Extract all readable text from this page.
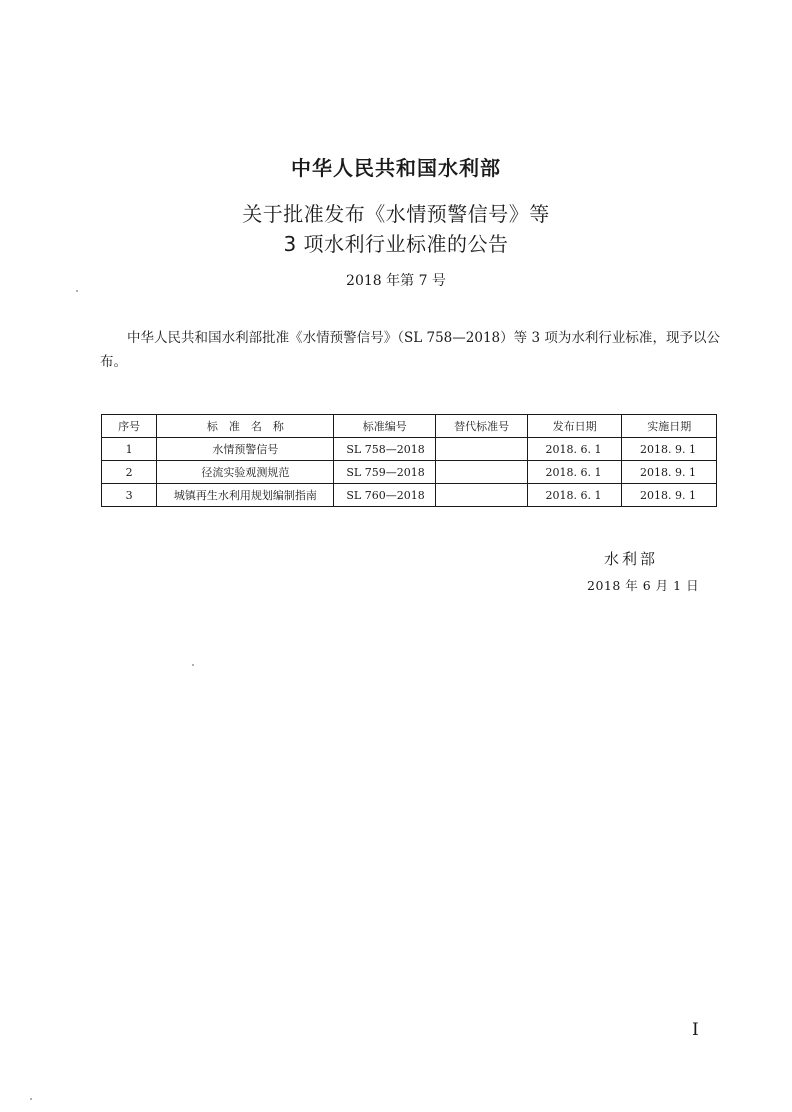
中华人民共和国水利部
关于批准发布《水情预警信号》等
3 项水利行业标准的公告
2018 年第 7 号
中华人民共和国水利部批准《水情预警信号》（SL 758—2018）等 3 项为水利行业标准，现予以公布。
序号	标　准　名　称	标准编号	替代标准号	发布日期	实施日期
1	水情预警信号	SL 758—2018		2018. 6. 1	2018. 9. 1
2	径流实验观测规范	SL 759—2018		2018. 6. 1	2018. 9. 1
3	城镇再生水利用规划编制指南	SL 760—2018		2018. 6. 1	2018. 9. 1
水利部
2018 年 6 月 1 日
I
